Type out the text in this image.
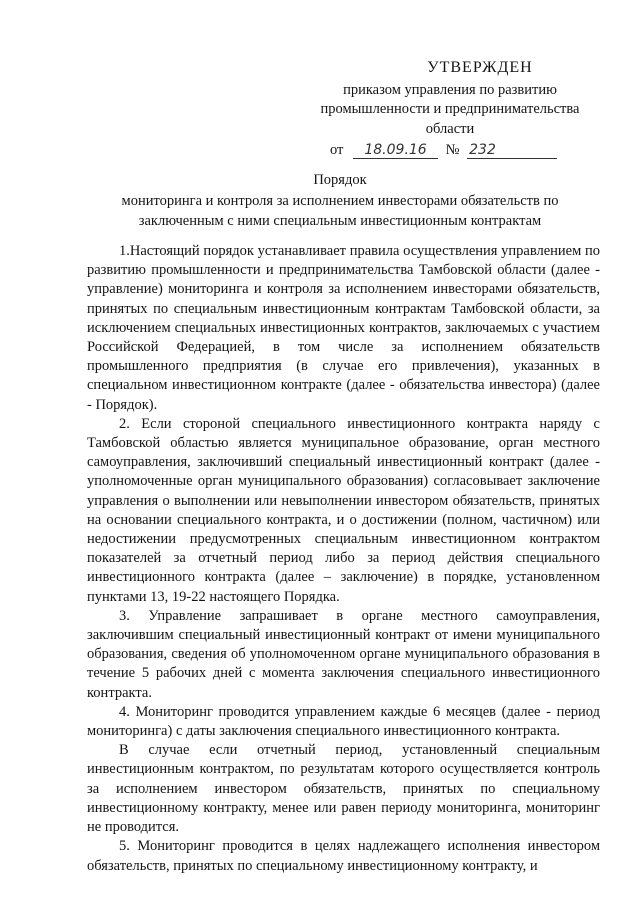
УТВЕРЖДЕН
приказом управления по развитию
промышленности и предпринимательства
области
от 18.09.16 № 232
Порядок
мониторинга и контроля за исполнением инвесторами обязательств по заключенным с ними специальным инвестиционным контрактам

1.Настоящий порядок устанавливает правила осуществления управлением по развитию промышленности и предпринимательства Тамбовской области (далее - управление) мониторинга и контроля за исполнением инвесторами обязательств, принятых по специальным инвестиционным контрактам Тамбовской области, за исключением специальных инвестиционных контрактов, заключаемых с участием Российской Федерацией, в том числе за исполнением обязательств промышленного предприятия (в случае его привлечения), указанных в специальном инвестиционном контракте (далее - обязательства инвестора) (далее - Порядок).

2. Если стороной специального инвестиционного контракта наряду с Тамбовской областью является муниципальное образование, орган местного самоуправления, заключивший специальный инвестиционный контракт (далее - уполномоченные орган муниципального образования) согласовывает заключение управления о выполнении или невыполнении инвестором обязательств, принятых на основании специального контракта, и о достижении (полном, частичном) или недостижении предусмотренных специальным инвестиционном контрактом показателей за отчетный период либо за период действия специального инвестиционного контракта (далее – заключение) в порядке, установленном пунктами 13, 19-22 настоящего Порядка.

3. Управление запрашивает в органе местного самоуправления, заключившим специальный инвестиционный контракт от имени муниципального образования, сведения об уполномоченном органе муниципального образования в течение 5 рабочих дней с момента заключения специального инвестиционного контракта.

4. Мониторинг проводится управлением каждые 6 месяцев (далее - период мониторинга) с даты заключения специального инвестиционного контракта.

В случае если отчетный период, установленный специальным инвестиционным контрактом, по результатам которого осуществляется контроль за исполнением инвестором обязательств, принятых по специальному инвестиционному контракту, менее или равен периоду мониторинга, мониторинг не проводится.

5. Мониторинг проводится в целях надлежащего исполнения инвестором обязательств, принятых по специальному инвестиционному контракту, и
